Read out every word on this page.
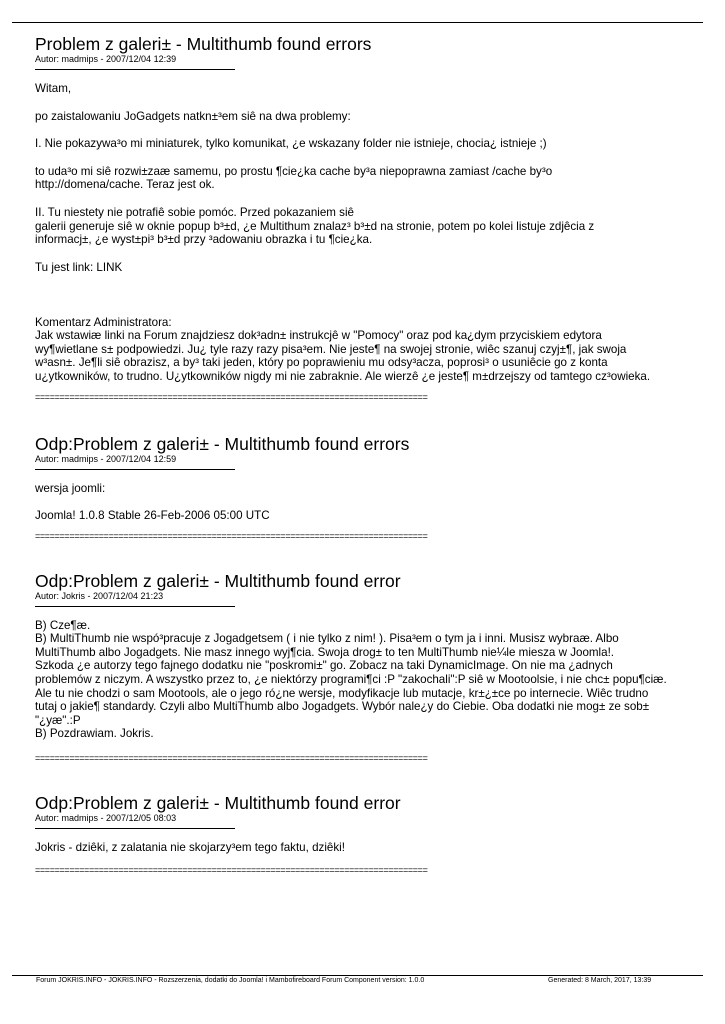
Problem z galeri± - Multithumb found errors

Autor: madmips - 2007/12/04 12:39

Witam,

po zaistalowaniu JoGadgets natkn±³em siê na dwa problemy:

I. Nie pokazywa³o mi miniaturek, tylko komunikat, ¿e wskazany folder nie istnieje, chocia¿ istnieje ;)

to uda³o mi siê rozwi±zaæ samemu, po prostu ¶cie¿ka cache by³a niepoprawna zamiast /cache by³o
http://domena/cache. Teraz jest ok.

II. Tu niestety nie potrafiê sobie pomóc. Przed pokazaniem siê
galerii generuje siê w oknie popup b³±d, ¿e Multithum znalaz³ b³±d na stronie, potem po kolei listuje zdjêcia z
informacj±, ¿e wyst±pi³ b³±d przy ³adowaniu obrazka i tu ¶cie¿ka.

Tu jest link: LINK

Komentarz Administratora:
Jak wstawiæ linki na Forum znajdziesz dok³adn± instrukcjê w "Pomocy" oraz pod ka¿dym przyciskiem edytora
wy¶wietlane s± podpowiedzi. Ju¿ tyle razy razy pisa³em. Nie jeste¶ na swojej stronie, wiêc szanuj czyj±¶, jak swoja
w³asn±. Je¶li siê obrazisz, a by³ taki jeden, który po poprawieniu mu odsy³acza, poprosi³ o usuniêcie go z konta
u¿ytkowników, to trudno. U¿ytkowników nigdy mi nie zabraknie. Ale wierzê ¿e jeste¶ m±drzejszy od tamtego cz³owieka.

================================================================================

Odp:Problem z galeri± - Multithumb found errors

Autor: madmips - 2007/12/04 12:59

wersja joomli:

Joomla! 1.0.8 Stable 26-Feb-2006 05:00 UTC

================================================================================

Odp:Problem z galeri± - Multithumb found error

Autor: Jokris - 2007/12/04 21:23

B) Cze¶æ.
B) MultiThumb nie wspó³pracuje z Jogadgetsem ( i nie tylko z nim! ). Pisa³em o tym ja i inni. Musisz wybraæ. Albo
MultiThumb albo Jogadgets. Nie masz innego wyj¶cia. Swoja drog± to ten MultiThumb nie¼le miesza w Joomla!.
Szkoda ¿e autorzy tego fajnego dodatku nie "poskromi±" go. Zobacz na taki DynamicImage. On nie ma ¿adnych
problemów z niczym. A wszystko przez to, ¿e niektórzy programi¶ci :P "zakochali":P siê w Mootoolsie, i nie chc± popu¶ciæ.
Ale tu nie chodzi o sam Mootools, ale o jego ró¿ne wersje, modyfikacje lub mutacje, kr±¿±ce po internecie. Wiêc trudno
tutaj o jakie¶ standardy. Czyli albo MultiThumb albo Jogadgets. Wybór nale¿y do Ciebie. Oba dodatki nie mog± ze sob±
"¿yæ".:P
B) Pozdrawiam. Jokris.

================================================================================

Odp:Problem z galeri± - Multithumb found error

Autor: madmips - 2007/12/05 08:03

Jokris - dziêki, z zalatania nie skojarzy³em tego faktu, dziêki!

================================================================================

Forum JOKRIS.INFO - JOKRIS.INFO - Rozszerzenia, dodatki do Joomla! i Mambofireboard Forum Component version: 1.0.0	Generated: 8 March, 2017, 13:39
